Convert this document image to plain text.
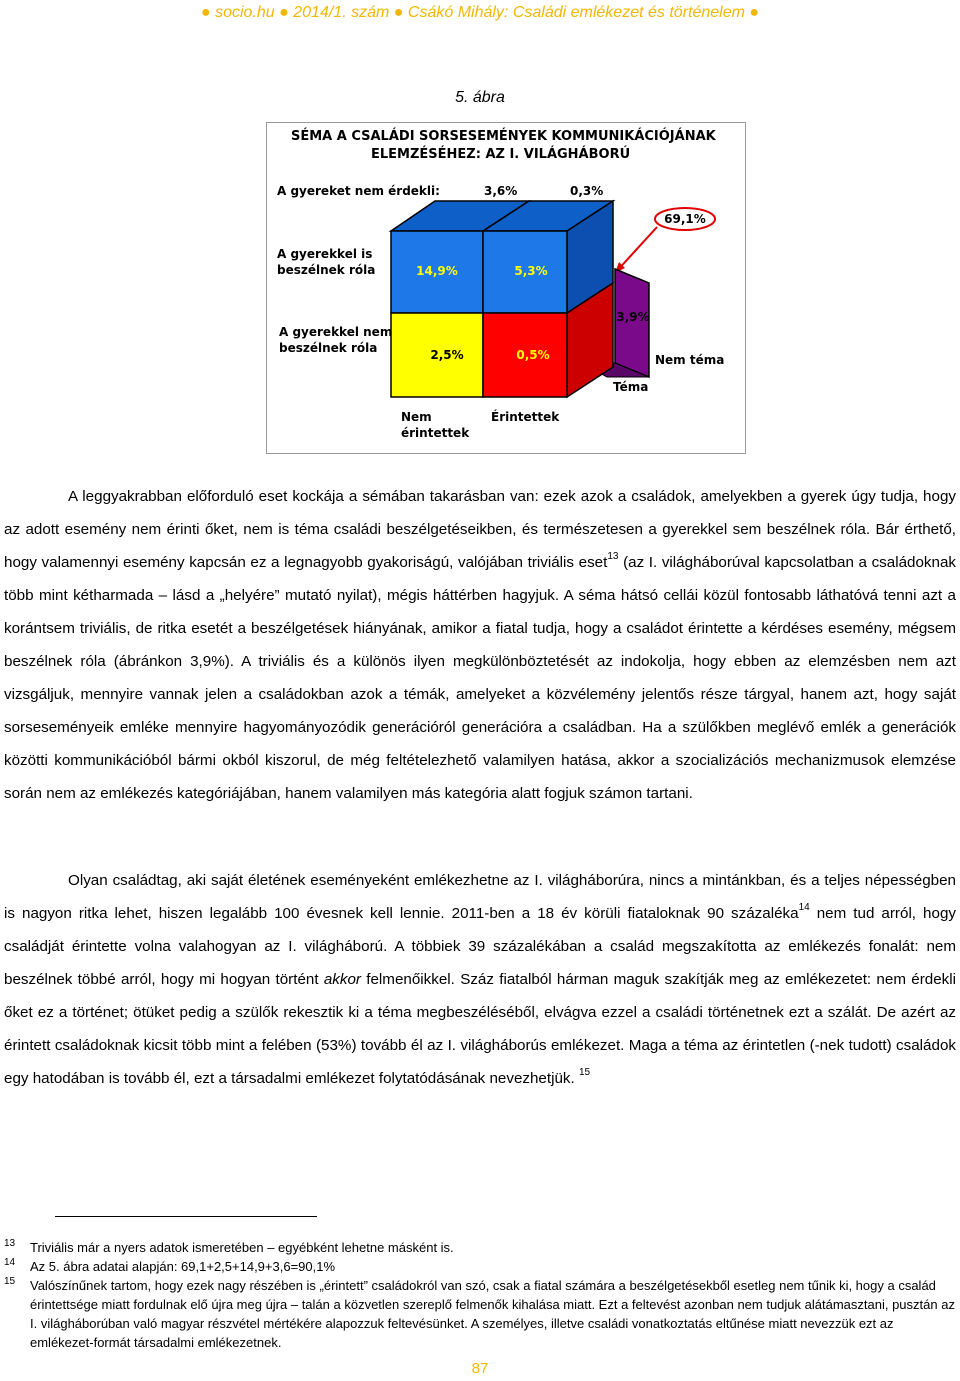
● socio.hu ● 2014/1. szám ● Csákó Mihály: Családi emlékezet és történelem ●
5. ábra
SÉMA A CSALÁDI SORSESEMÉNYEK KOMMUNIKÁCIÓJÁNAK
ELEMZÉSÉHEZ: AZ I. VILÁGHÁBORÚ
A gyereket nem érdekli:	3,6%	0,3%
69,1%
14,9%	5,3%
2,5%	0,5%
3,9%
A gyerekkel is
beszélnek róla
A gyerekkel nem
beszélnek róla
Nem téma
Téma
Nem
érintettek
Érintettek

A leggyakrabban előforduló eset kockája a sémában takarásban van: ezek azok a családok, amelyekben a gyerek úgy tudja, hogy az adott esemény nem érinti őket, nem is téma családi beszélgetéseikben, és természetesen a gyerekkel sem beszélnek róla. Bár érthető, hogy valamennyi esemény kapcsán ez a legnagyobb gyakoriságú, valójában triviális eset$^{13}$ (az I. világháborúval kapcsolatban a családoknak több mint kétharmada – lásd a „helyére” mutató nyilat), mégis háttérben hagyjuk. A séma hátsó cellái közül fontosabb láthatóvá tenni azt a korántsem triviális, de ritka esetét a beszélgetések hiányának, amikor a fiatal tudja, hogy a családot érintette a kérdéses esemény, mégsem beszélnek róla (ábránkon 3,9%). A triviális és a különös ilyen megkülönböztetését az indokolja, hogy ebben az elemzésben nem azt vizsgáljuk, mennyire vannak jelen a családokban azok a témák, amelyeket a közvélemény jelentős része tárgyal, hanem azt, hogy saját sorseseményeik emléke mennyire hagyományozódik generációról generációra a családban. Ha a szülőkben meglévő emlék a generációk közötti kommunikációból bármi okból kiszorul, de még feltételezhető valamilyen hatása, akkor a szocializációs mechanizmusok elemzése során nem az emlékezés kategóriájában, hanem valamilyen más kategória alatt fogjuk számon tartani.

Olyan családtag, aki saját életének eseményeként emlékezhetne az I. világháborúra, nincs a mintánkban, és a teljes népességben is nagyon ritka lehet, hiszen legalább 100 évesnek kell lennie. 2011-ben a 18 év körüli fiataloknak 90 százaléka$^{14}$ nem tud arról, hogy családját érintette volna valahogyan az I. világháború. A többiek 39 százalékában a család megszakította az emlékezés fonalát: nem beszélnek többé arról, hogy mi hogyan történt akkor felmenőikkel. Száz fiatalból hárman maguk szakítják meg az emlékezetet: nem érdekli őket ez a történet; ötüket pedig a szülők rekesztik ki a téma megbeszéléséből, elvágva ezzel a családi történetnek ezt a szálát. De azért az érintett családoknak kicsit több mint a felében (53%) tovább él az I. világháborús emlékezet. Maga a téma az érintetlen (-nek tudott) családok egy hatodában is tovább él, ezt a társadalmi emlékezet folytatódásának nevezhetjük. $^{15}$

13 Triviális már a nyers adatok ismeretében – egyébként lehetne másként is.

14 Az 5. ábra adatai alapján: 69,1+2,5+14,9+3,6=90,1%

15 Valószínűnek tartom, hogy ezek nagy részében is „érintett” családokról van szó, csak a fiatal számára a beszélgetésekből esetleg nem tűnik ki, hogy a család érintettsége miatt fordulnak elő újra meg újra – talán a közvetlen szereplő felmenők kihalása miatt. Ezt a feltevést azonban nem tudjuk alátámasztani, pusztán az I. világháborúban való magyar részvétel mértékére alapozzuk feltevésünket. A személyes, illetve családi vonatkoztatás eltűnése miatt nevezzük ezt az emlékezet-formát társadalmi emlékezetnek.

87
